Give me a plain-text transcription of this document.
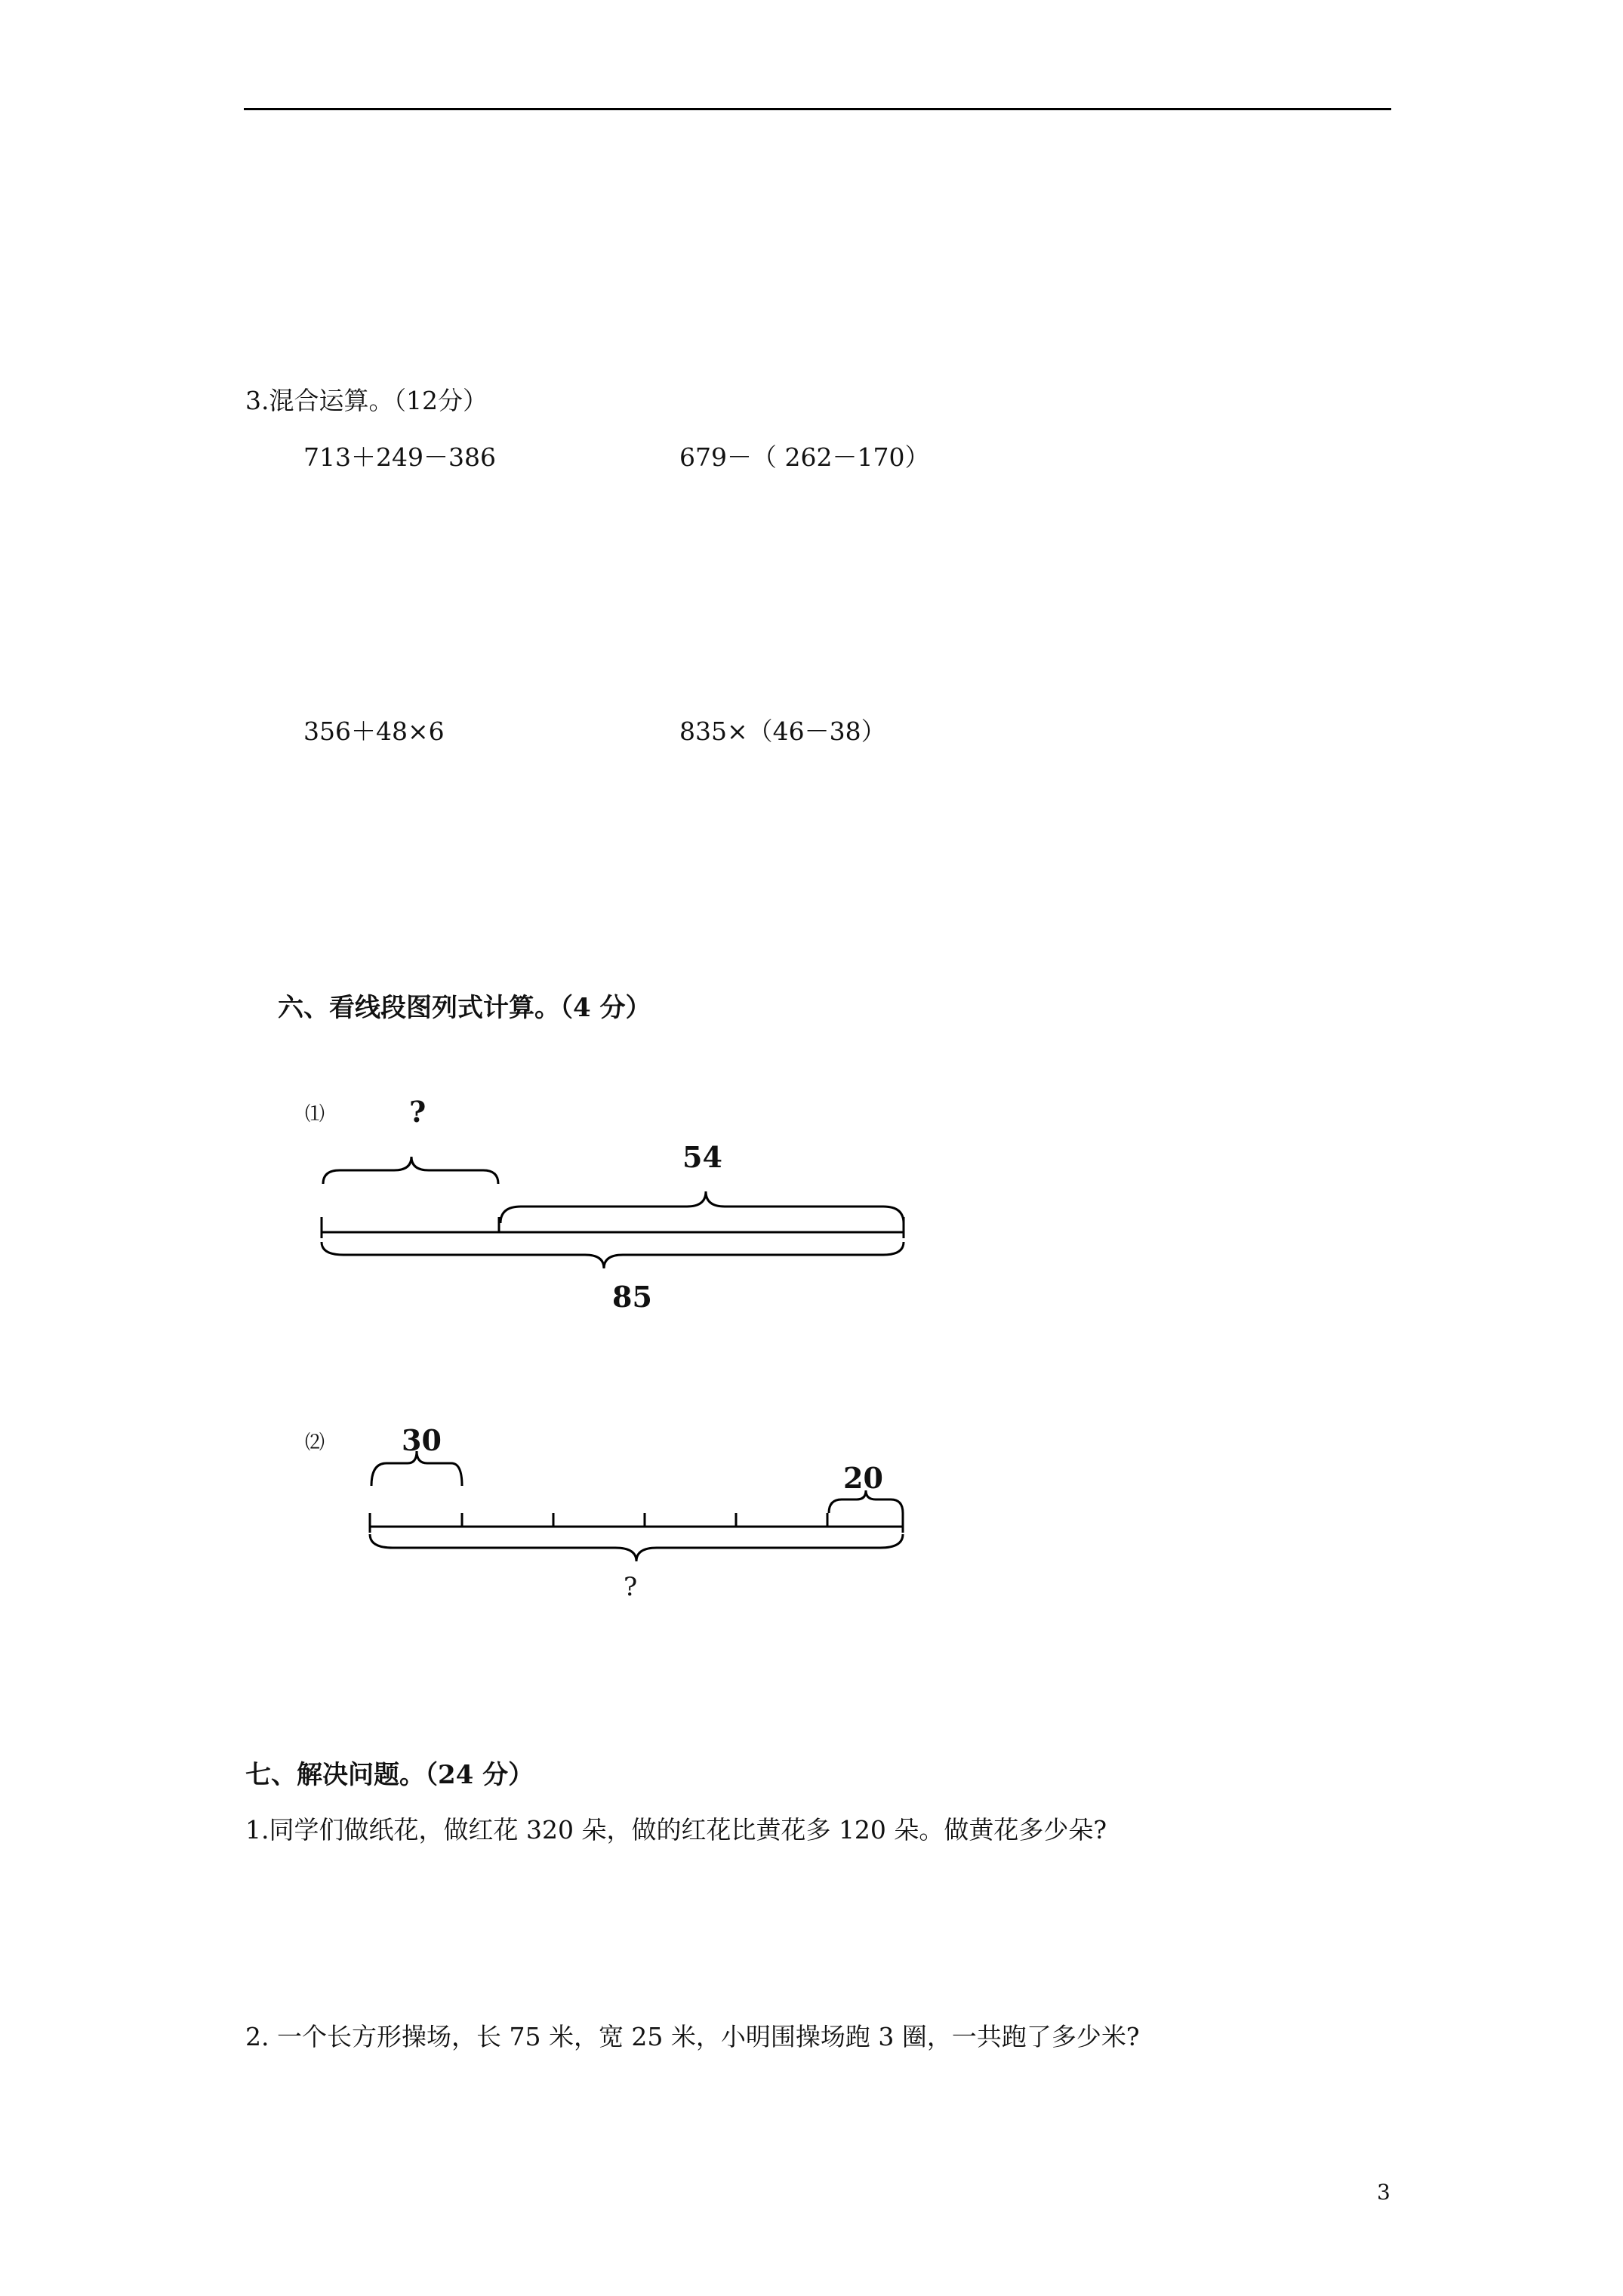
3.混合运算。（12分）
713＋249－386	679－（ 262－170）
356＋48×6	835×（46－38）
六、看线段图列式计算。（4 分）
⑴	?
54
85
⑵	30
20
?
七、解决问题。（24 分）
1.同学们做纸花，做红花 320 朵，做的红花比黄花多 120 朵。做黄花多少朵?
2. 一个长方形操场，长 75 米，宽 25 米，小明围操场跑 3 圈，一共跑了多少米?
3
